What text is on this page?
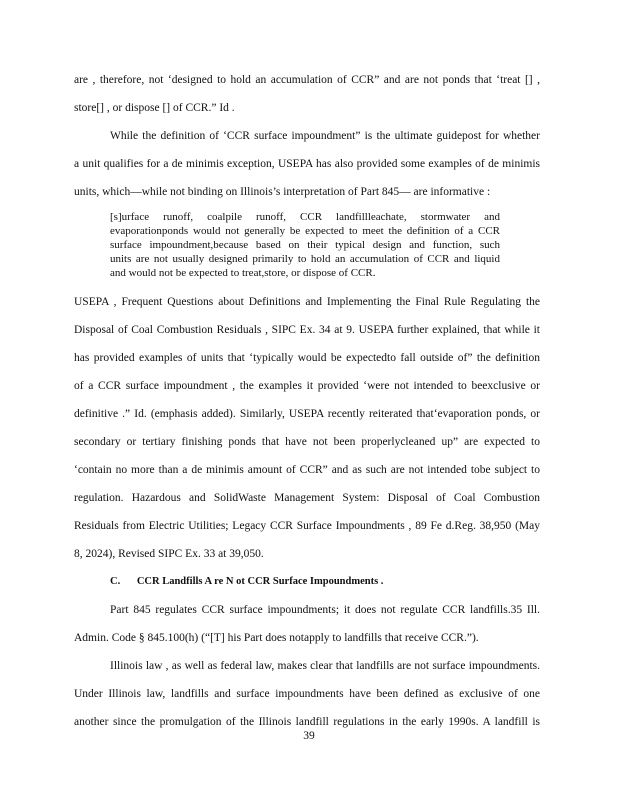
are , therefore, not ‘designed to hold an accumulation of CCR” and are not ponds that ‘treat [] ,
store[] , or dispose [] of CCR.” Id .
While the definition of ‘CCR surface impoundment” is the ultimate guidepost for whether
a unit qualifies for a de minimis exception, USEPA has also provided some examples of de minimis
units, which—while not binding on Illinois’s interpretation of Part 845— are informative :
[s]urface runoff, coalpile runoff, CCR landfillleachate, stormwater and
evaporationponds would not generally be expected to meet the definition of a CCR
surface impoundment,because based on their typical design and function, such
units are not usually designed primarily to hold an accumulation of CCR and liquid
and would not be expected to treat,store, or dispose of CCR.
USEPA , Frequent Questions about Definitions and Implementing the Final Rule Regulating the
Disposal of Coal Combustion Residuals , SIPC Ex. 34 at 9. USEPA further explained, that while it
has provided examples of units that ‘typically would be expectedto fall outside of” the definition
of a CCR surface impoundment , the examples it provided ‘were not intended to beexclusive or
definitive .” Id. (emphasis added). Similarly, USEPA recently reiterated that‘evaporation ponds, or
secondary or tertiary finishing ponds that have not been properlycleaned up” are expected to
‘contain no more than a de minimis amount of CCR” and as such are not intended tobe subject to
regulation. Hazardous and SolidWaste Management System: Disposal of Coal Combustion
Residuals from Electric Utilities; Legacy CCR Surface Impoundments , 89 Fe d.Reg. 38,950 (May
8, 2024), Revised SIPC Ex. 33 at 39,050.
C. CCR Landfills A re N ot CCR Surface Impoundments .
Part 845 regulates CCR surface impoundments; it does not regulate CCR landfills.35 Ill.
Admin. Code § 845.100(h) (“[T] his Part does notapply to landfills that receive CCR.”).
Illinois law , as well as federal law, makes clear that landfills are not surface impoundments.
Under Illinois law, landfills and surface impoundments have been defined as exclusive of one
another since the promulgation of the Illinois landfill regulations in the early 1990s. A landfill is
39
